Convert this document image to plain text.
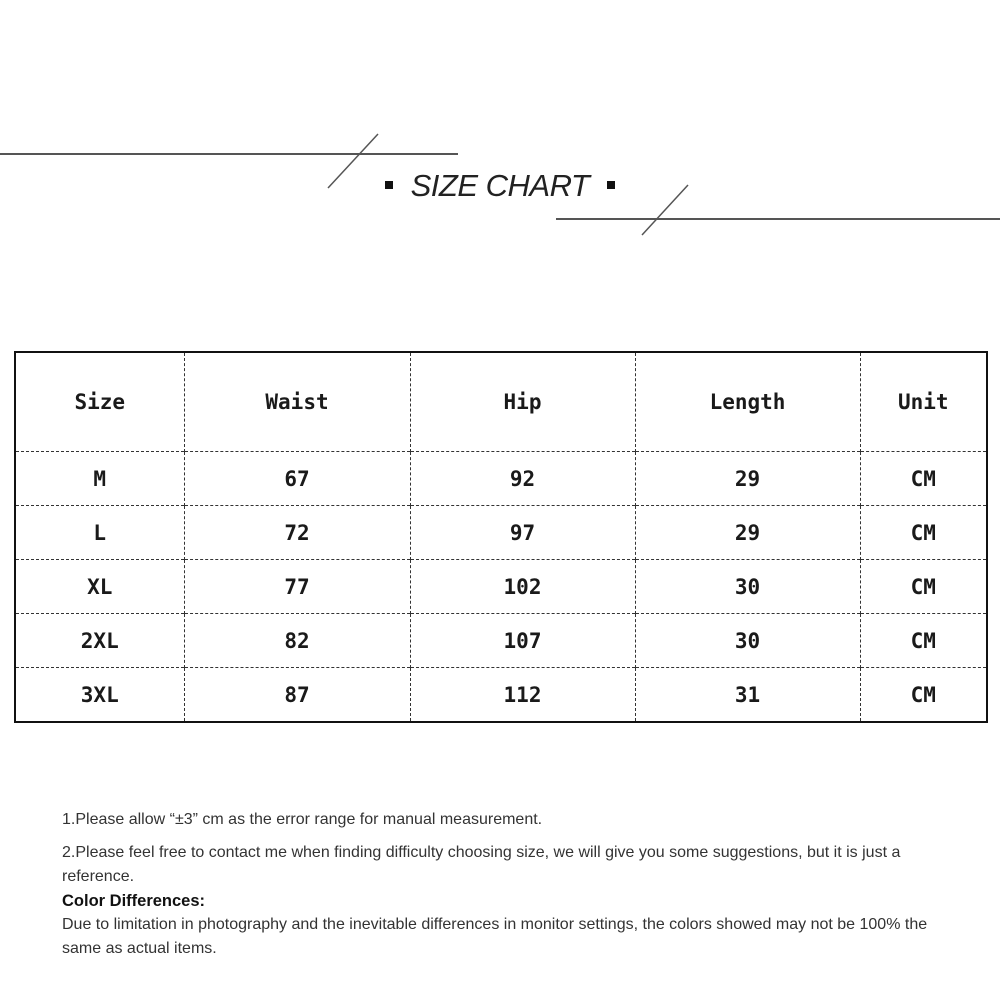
SIZE CHART
Size	Waist	Hip	Length	Unit
M	67	92	29	CM
L	72	97	29	CM
XL	77	102	30	CM
2XL	82	107	30	CM
3XL	87	112	31	CM

1.Please allow “±3” cm as the error range for manual measurement.

2.Please feel free to contact me when finding difficulty choosing size, we will give you some suggestions, but it is just a reference.

Color Differences:

Due to limitation in photography and the inevitable differences in monitor settings, the colors showed may not be 100% the same as actual items.
